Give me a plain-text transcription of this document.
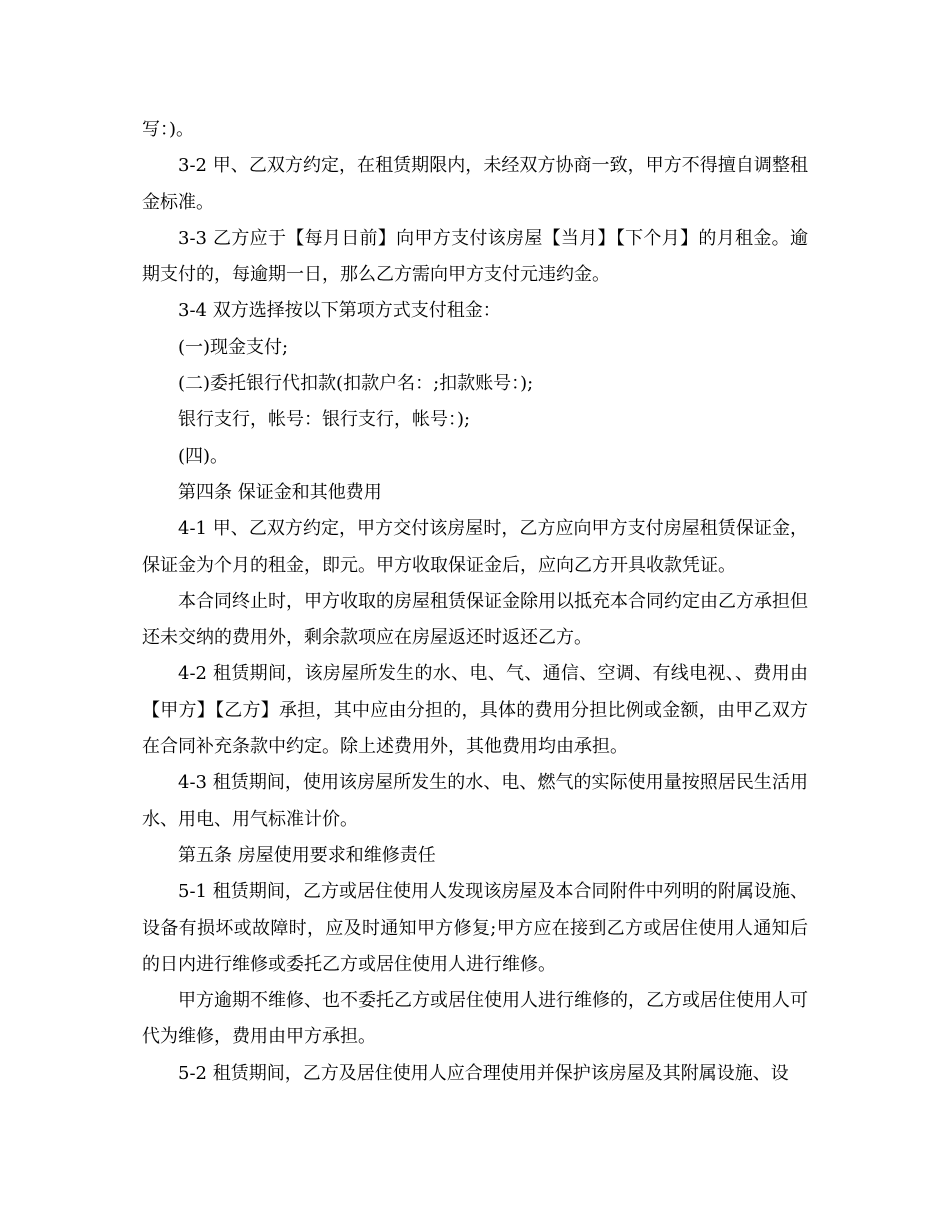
写：)。

3-2 甲、乙双方约定，在租赁期限内，未经双方协商一致，甲方不得擅自调整租金标准。

3-3 乙方应于【每月日前】向甲方支付该房屋【当月】【下个月】的月租金。逾期支付的，每逾期一日，那么乙方需向甲方支付元违约金。

3-4 双方选择按以下第项方式支付租金：

(一)现金支付;

(二)委托银行代扣款(扣款户名：;扣款账号：);

银行支行，帐号：银行支行，帐号：);

(四)。

第四条 保证金和其他费用

4-1 甲、乙双方约定，甲方交付该房屋时，乙方应向甲方支付房屋租赁保证金，保证金为个月的租金，即元。甲方收取保证金后，应向乙方开具收款凭证。

本合同终止时，甲方收取的房屋租赁保证金除用以抵充本合同约定由乙方承担但还未交纳的费用外，剩余款项应在房屋返还时返还乙方。

4-2 租赁期间，该房屋所发生的水、电、气、通信、空调、有线电视、、费用由【甲方】【乙方】承担，其中应由分担的，具体的费用分担比例或金额，由甲乙双方在合同补充条款中约定。除上述费用外，其他费用均由承担。

4-3 租赁期间，使用该房屋所发生的水、电、燃气的实际使用量按照居民生活用水、用电、用气标准计价。

第五条 房屋使用要求和维修责任

5-1 租赁期间，乙方或居住使用人发现该房屋及本合同附件中列明的附属设施、设备有损坏或故障时，应及时通知甲方修复;甲方应在接到乙方或居住使用人通知后的日内进行维修或委托乙方或居住使用人进行维修。

甲方逾期不维修、也不委托乙方或居住使用人进行维修的，乙方或居住使用人可代为维修，费用由甲方承担。

5-2 租赁期间，乙方及居住使用人应合理使用并保护该房屋及其附属设施、设
